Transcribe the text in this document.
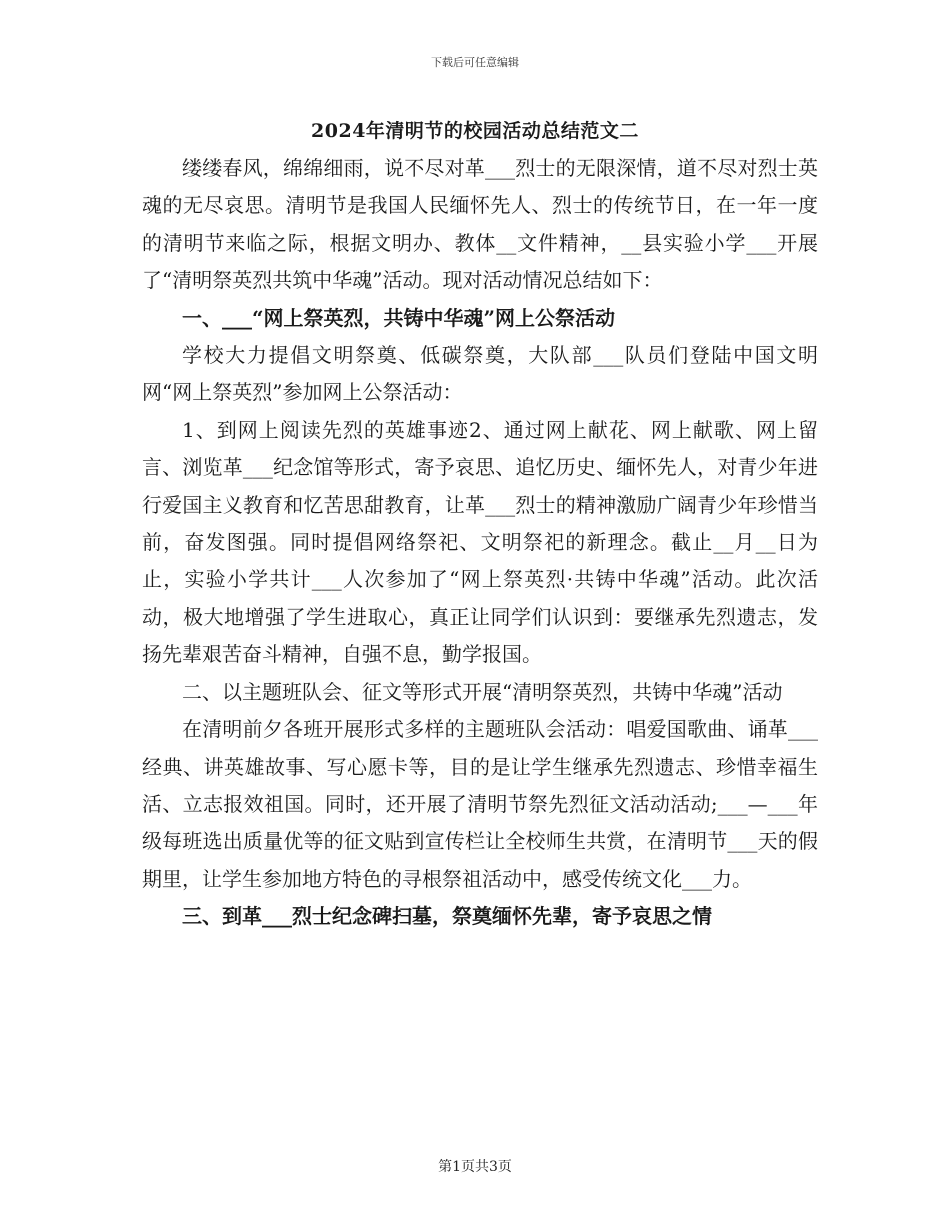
下载后可任意编辑
2024年清明节的校园活动总结范文二

缕缕春风，绵绵细雨，说不尽对革___烈士的无限深情，道不尽对烈士英魂的无尽哀思。清明节是我国人民缅怀先人、烈士的传统节日，在一年一度的清明节来临之际，根据文明办、教体__文件精神，__县实验小学___开展了“清明祭英烈共筑中华魂”活动。现对活动情况总结如下：

一、___“网上祭英烈，共铸中华魂”网上公祭活动

学校大力提倡文明祭奠、低碳祭奠，大队部___队员们登陆中国文明网“网上祭英烈”参加网上公祭活动：

1、到网上阅读先烈的英雄事迹2、通过网上献花、网上献歌、网上留言、浏览革___纪念馆等形式，寄予哀思、追忆历史、缅怀先人，对青少年进行爱国主义教育和忆苦思甜教育，让革___烈士的精神激励广阔青少年珍惜当前，奋发图强。同时提倡网络祭祀、文明祭祀的新理念。截止__月__日为止，实验小学共计___人次参加了“网上祭英烈·共铸中华魂”活动。此次活动，极大地增强了学生进取心，真正让同学们认识到：要继承先烈遗志，发扬先辈艰苦奋斗精神，自强不息，勤学报国。

二、以主题班队会、征文等形式开展“清明祭英烈，共铸中华魂”活动

在清明前夕各班开展形式多样的主题班队会活动：唱爱国歌曲、诵革___经典、讲英雄故事、写心愿卡等，目的是让学生继承先烈遗志、珍惜幸福生活、立志报效祖国。同时，还开展了清明节祭先烈征文活动活动;___—___年级每班选出质量优等的征文贴到宣传栏让全校师生共赏，在清明节___天的假期里，让学生参加地方特色的寻根祭祖活动中，感受传统文化___力。

三、到革___烈士纪念碑扫墓，祭奠缅怀先辈，寄予哀思之情

第1页共3页
